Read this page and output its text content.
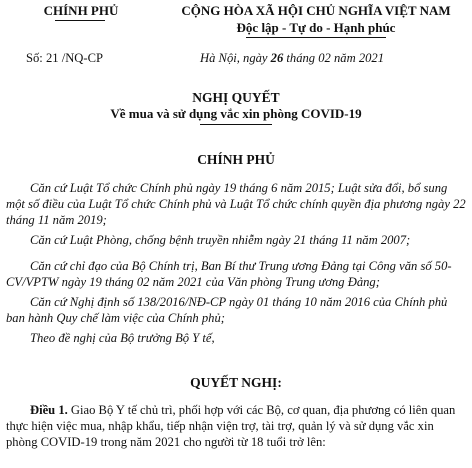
CHÍNH PHỦ
Số: 21 /NQ-CP
CỘNG HÒA XÃ HỘI CHỦ NGHĨA VIỆT NAM
Độc lập - Tự do - Hạnh phúc
Hà Nội, ngày 26 tháng 02 năm 2021
NGHỊ QUYẾT
Về mua và sử dụng vắc xin phòng COVID-19
CHÍNH PHỦ
Căn cứ Luật Tổ chức Chính phủ ngày 19 tháng 6 năm 2015; Luật sửa đổi, bổ sung một số điều của Luật Tổ chức Chính phủ và Luật Tổ chức chính quyền địa phương ngày 22 tháng 11 năm 2019;
Căn cứ Luật Phòng, chống bệnh truyền nhiễm ngày 21 tháng 11 năm 2007;
Căn cứ chỉ đạo của Bộ Chính trị, Ban Bí thư Trung ương Đảng tại Công văn số 50-CV/VPTW ngày 19 tháng 02 năm 2021 của Văn phòng Trung ương Đảng;
Căn cứ Nghị định số 138/2016/NĐ-CP ngày 01 tháng 10 năm 2016 của Chính phủ ban hành Quy chế làm việc của Chính phủ;
Theo đề nghị của Bộ trưởng Bộ Y tế,
QUYẾT NGHỊ:
Điều 1. Giao Bộ Y tế chủ trì, phối hợp với các Bộ, cơ quan, địa phương có liên quan thực hiện việc mua, nhập khẩu, tiếp nhận viện trợ, tài trợ, quản lý và sử dụng vắc xin phòng COVID-19 trong năm 2021 cho người từ 18 tuổi trở lên:
